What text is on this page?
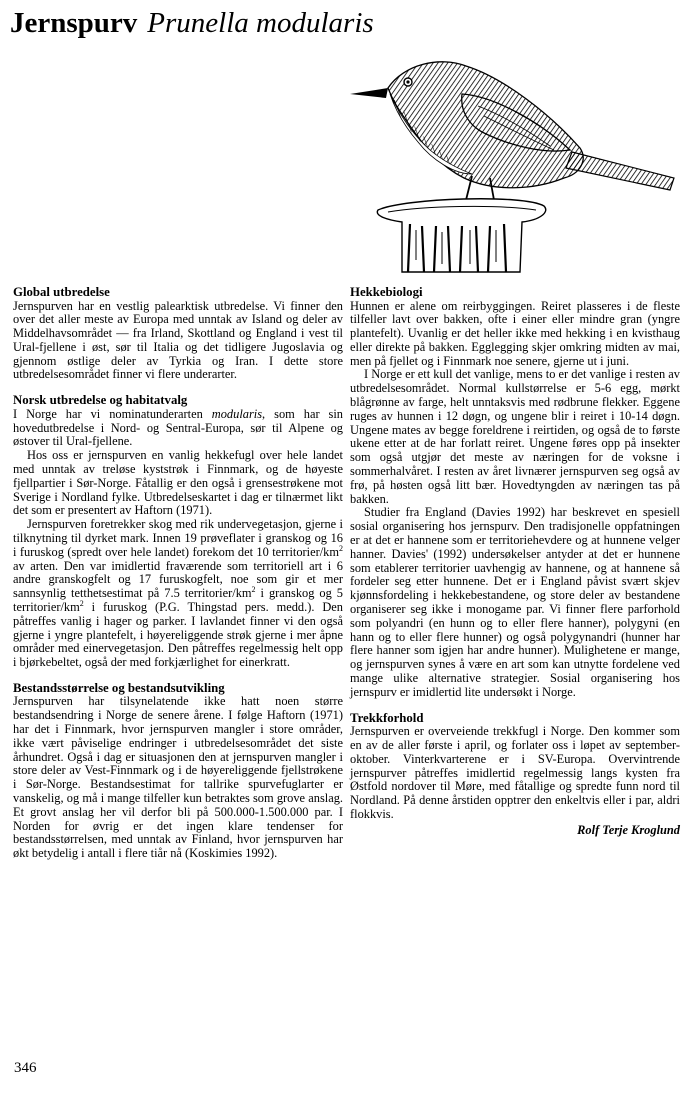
Jernspurv Prunella modularis
Global utbredelse

Jernspurven har en vestlig palearktisk utbredelse. Vi finner den over det aller meste av Europa med unntak av Island og deler av Middelhavsområdet — fra Irland, Skottland og England i vest til Ural-fjellene i øst, sør til Italia og det tidligere Jugoslavia og gjennom østlige deler av Tyrkia og Iran. I dette store utbredelsesområdet finner vi flere underarter.

Norsk utbredelse og habitatvalg

I Norge har vi nominatunderarten modularis, som har sin hovedutbredelse i Nord- og Sentral-Europa, sør til Alpene og østover til Ural-fjellene.

Hos oss er jernspurven en vanlig hekkefugl over hele landet med unntak av treløse kyststrøk i Finnmark, og de høyeste fjellpartier i Sør-Norge. Fåtallig er den også i grensestrøkene mot Sverige i Nordland fylke. Utbredelseskartet i dag er tilnærmet likt det som er presentert av Haftorn (1971).

Jernspurven foretrekker skog med rik undervegetasjon, gjerne i tilknytning til dyrket mark. Innen 19 prøveflater i granskog og 16 i furuskog (spredt over hele landet) forekom det 10 territorier/$km^2$ av arten. Den var imidlertid fraværende som territoriell art i 6 andre granskogfelt og 17 furuskogfelt, noe som gir et mer sannsynlig tetthetsestimat på 7.5 territorier/$km^2$ i granskog og 5 territorier/$km^2$ i furuskog (P.G. Thingstad pers. medd.). Den påtreffes vanlig i hager og parker. I lavlandet finner vi den også gjerne i yngre plantefelt, i høyereliggende strøk gjerne i mer åpne områder med einervegetasjon. Den påtreffes regelmessig helt opp i bjørkebeltet, også der med forkjærlighet for einerkratt.

Bestandsstørrelse og bestandsutvikling

Jernspurven har tilsynelatende ikke hatt noen større bestandsendring i Norge de senere årene. I følge Haftorn (1971) har det i Finnmark, hvor jernspurven mangler i store områder, ikke vært påviselige endringer i utbredelsesområdet det siste århundret. Også i dag er situasjonen den at jernspurven mangler i store deler av Vest-Finnmark og i de høyereliggende fjellstrøkene i Sør-Norge. Bestandsestimat for tallrike spurvefuglarter er vanskelig, og må i mange tilfeller kun betraktes som grove anslag. Et grovt anslag her vil derfor bli på 500.000-1.500.000 par. I Norden for øvrig er det ingen klare tendenser for bestandsstørrelsen, med unntak av Finland, hvor jernspurven har økt betydelig i antall i flere tiår nå (Koskimies 1992).

Hekkebiologi

Hunnen er alene om reirbyggingen. Reiret plasseres i de fleste tilfeller lavt over bakken, ofte i einer eller mindre gran (yngre plantefelt). Uvanlig er det heller ikke med hekking i en kvisthaug eller direkte på bakken. Egglegging skjer omkring midten av mai, men på fjellet og i Finnmark noe senere, gjerne ut i juni.

I Norge er ett kull det vanlige, mens to er det vanlige i resten av utbredelsesområdet. Normal kullstørrelse er 5-6 egg, mørkt blågrønne av farge, helt unntaksvis med rødbrune flekker. Eggene ruges av hunnen i 12 døgn, og ungene blir i reiret i 10-14 døgn. Ungene mates av begge foreldrene i reirtiden, og også de to første ukene etter at de har forlatt reiret. Ungene føres opp på insekter som også utgjør det meste av næringen for de voksne i sommerhalvåret. I resten av året livnærer jernspurven seg også av frø, på høsten også litt bær. Hovedtyngden av næringen tas på bakken.

Studier fra England (Davies 1992) har beskrevet en spesiell sosial organisering hos jernspurv. Den tradisjonelle oppfatningen er at det er hannene som er territoriehevdere og at hunnene velger hanner. Davies' (1992) undersøkelser antyder at det er hunnene som etablerer territorier uavhengig av hannene, og at hannene så fordeler seg etter hunnene. Det er i England påvist svært skjev kjønnsfordeling i hekkebestandene, og store deler av bestandene organiserer seg ikke i monogame par. Vi finner flere parforhold som polyandri (en hunn og to eller flere hanner), polygyni (en hann og to eller flere hunner) og også polygynandri (hunner har flere hanner som igjen har andre hunner). Mulighetene er mange, og jernspurven synes å være en art som kan utnytte fordelene ved mange ulike alternative strategier. Sosial organisering hos jernspurv er imidlertid lite undersøkt i Norge.

Trekkforhold

Jernspurven er overveiende trekkfugl i Norge. Den kommer som en av de aller første i april, og forlater oss i løpet av september-oktober. Vinterkvarterene er i SV-Europa. Overvintrende jernspurver påtreffes imidlertid regelmessig langs kysten fra Østfold nordover til Møre, med fåtallige og spredte funn nord til Nordland. På denne årstiden opptrer den enkeltvis eller i par, aldri flokkvis.

Rolf Terje Kroglund
346
